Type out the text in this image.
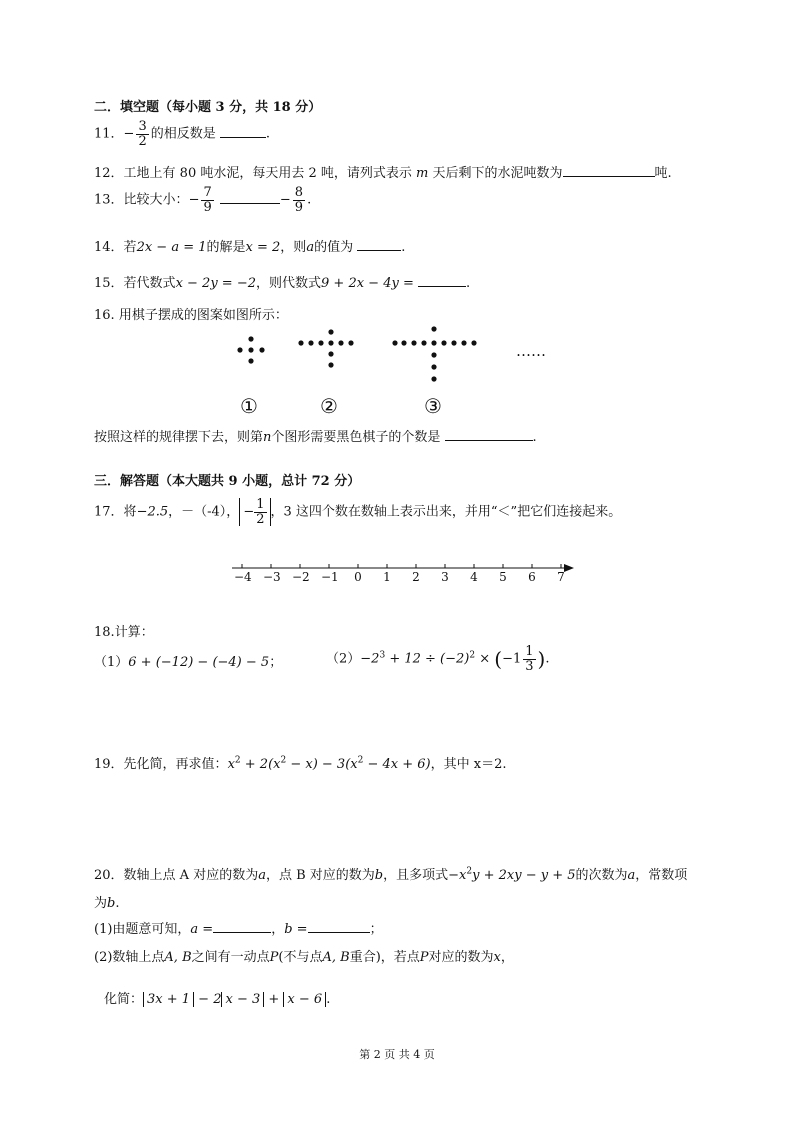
二．填空题（每小题 3 分，共 18 分）
11．− $\frac{3}{2}$ 的相反数是	.
12．工地上有 80 吨水泥，每天用去 2 吨，请列式表示 m 天后剩下的水泥吨数为	吨.
13．比较大小：− $\frac{7}{9}$	− $\frac{8}{9}$ .
14．若2x − a = 1的解是x = 2，则a的值为	.
15．若代数式x − 2y = −2，则代数式9 + 2x − 4y =	.
16. 用棋子摆成的图案如图所示：
……
①	②	③
按照这样的规律摆下去，则第n个图形需要黑色棋子的个数是	.
三．解答题（本大题共 9 小题，总计 72 分）
17．将−2.5，－（-4）， − $\frac{1}{2}$ ，3 这四个数在数轴上表示出来，并用“＜”把它们连接起来。
−4 −3 −2 −1	0	1	2	3	4	5	6	7
18.计算：
（1）6 + (−12) − (−4) − 5；	$(2)-2^3 + 12 \div (-2)^2 \times (-1 \frac{1}{3}$ ).
19．先化简，再求值：$x^2 + 2(x^2 - x) - 3(x^2 - 4x + 6)$，其中 x＝2.
20．数轴上点 A 对应的数为a，点 B 对应的数为b，且多项式$-x^2y + 2xy - y + 5$的次数为a，常数项
为b.
(1)由题意可知，a =	，b =	；
(2)数轴上点A, B之间有一动点P(不与点A, B重合)，若点P对应的数为x，
化简： 3x + 1 − 2 x − 3 + x − 6 .
第 2 页 共 4 页
